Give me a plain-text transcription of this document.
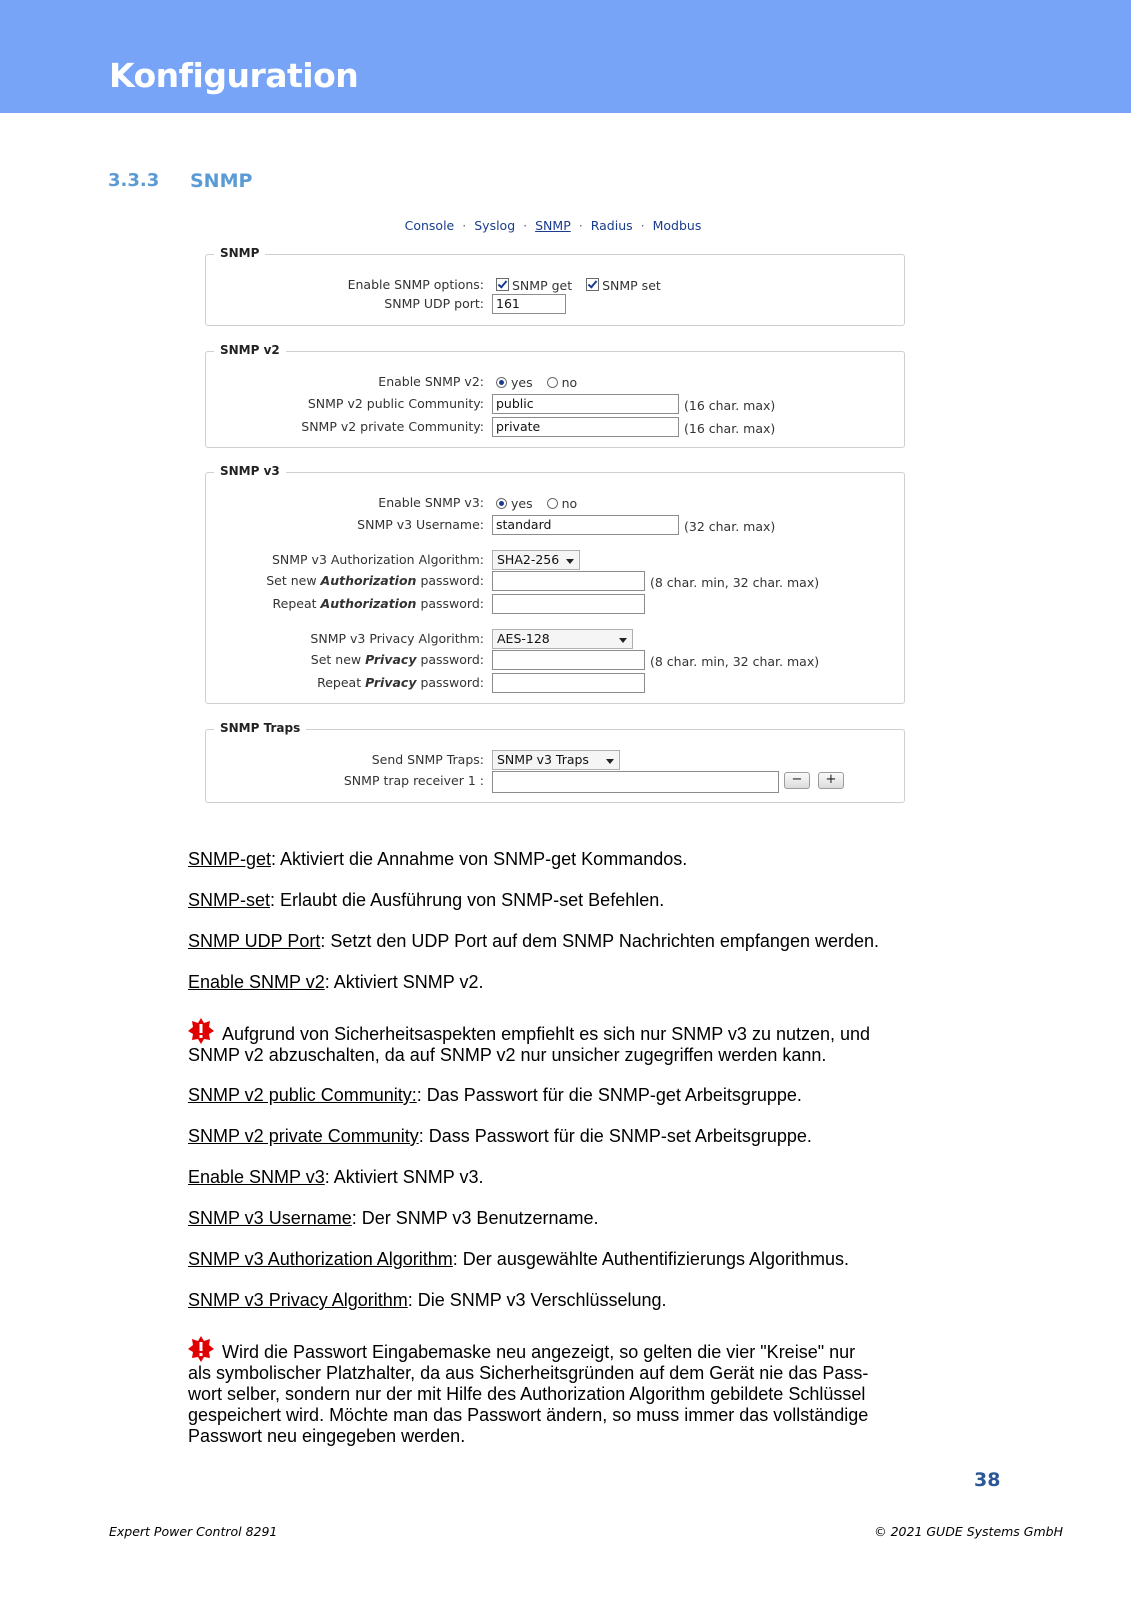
Konfiguration
3.3.3 SNMP
Console · Syslog · SNMP · Radius · Modbus
SNMP
Enable SNMP options:	SNMP get SNMP set
SNMP UDP port: 161
SNMP v2
Enable SNMP v2:	yes no
SNMP v2 public Community: public	(16 char. max)
SNMP v2 private Community: private	(16 char. max)
SNMP v3
Enable SNMP v3:	yes no
SNMP v3 Username: standard	(32 char. max)
SNMP v3 Authorization Algorithm:	SHA2-256
Set new Authorization password:	(8 char. min, 32 char. max)
Repeat Authorization password:
SNMP v3 Privacy Algorithm:	AES-128
Set new Privacy password:	(8 char. min, 32 char. max)
Repeat Privacy password:
SNMP Traps
Send SNMP Traps:	SNMP v3 Traps
SNMP trap receiver 1 :	−	+
SNMP-get: Aktiviert die Annahme von SNMP-get Kommandos.
SNMP-set: Erlaubt die Ausführung von SNMP-set Befehlen.
SNMP UDP Port: Setzt den UDP Port auf dem SNMP Nachrichten empfangen werden.
Enable SNMP v2: Aktiviert SNMP v2.
Aufgrund von Sicherheitsaspekten empfiehlt es sich nur SNMP v3 zu nutzen, und
SNMP v2 abzuschalten, da auf SNMP v2 nur unsicher zugegriffen werden kann.
SNMP v2 public Community:: Das Passwort für die SNMP-get Arbeitsgruppe.
SNMP v2 private Community: Dass Passwort für die SNMP-set Arbeitsgruppe.
Enable SNMP v3: Aktiviert SNMP v3.
SNMP v3 Username: Der SNMP v3 Benutzername.
SNMP v3 Authorization Algorithm: Der ausgewählte Authentifizierungs Algorithmus.
SNMP v3 Privacy Algorithm: Die SNMP v3 Verschlüsselung.
Wird die Passwort Eingabemaske neu angezeigt, so gelten die vier "Kreise" nur
als symbolischer Platzhalter, da aus Sicherheitsgründen auf dem Gerät nie das Pass-
wort selber, sondern nur der mit Hilfe des Authorization Algorithm gebildete Schlüssel
gespeichert wird. Möchte man das Passwort ändern, so muss immer das vollständige
Passwort neu eingegeben werden.
38
Expert Power Control 8291	© 2021 GUDE Systems GmbH
